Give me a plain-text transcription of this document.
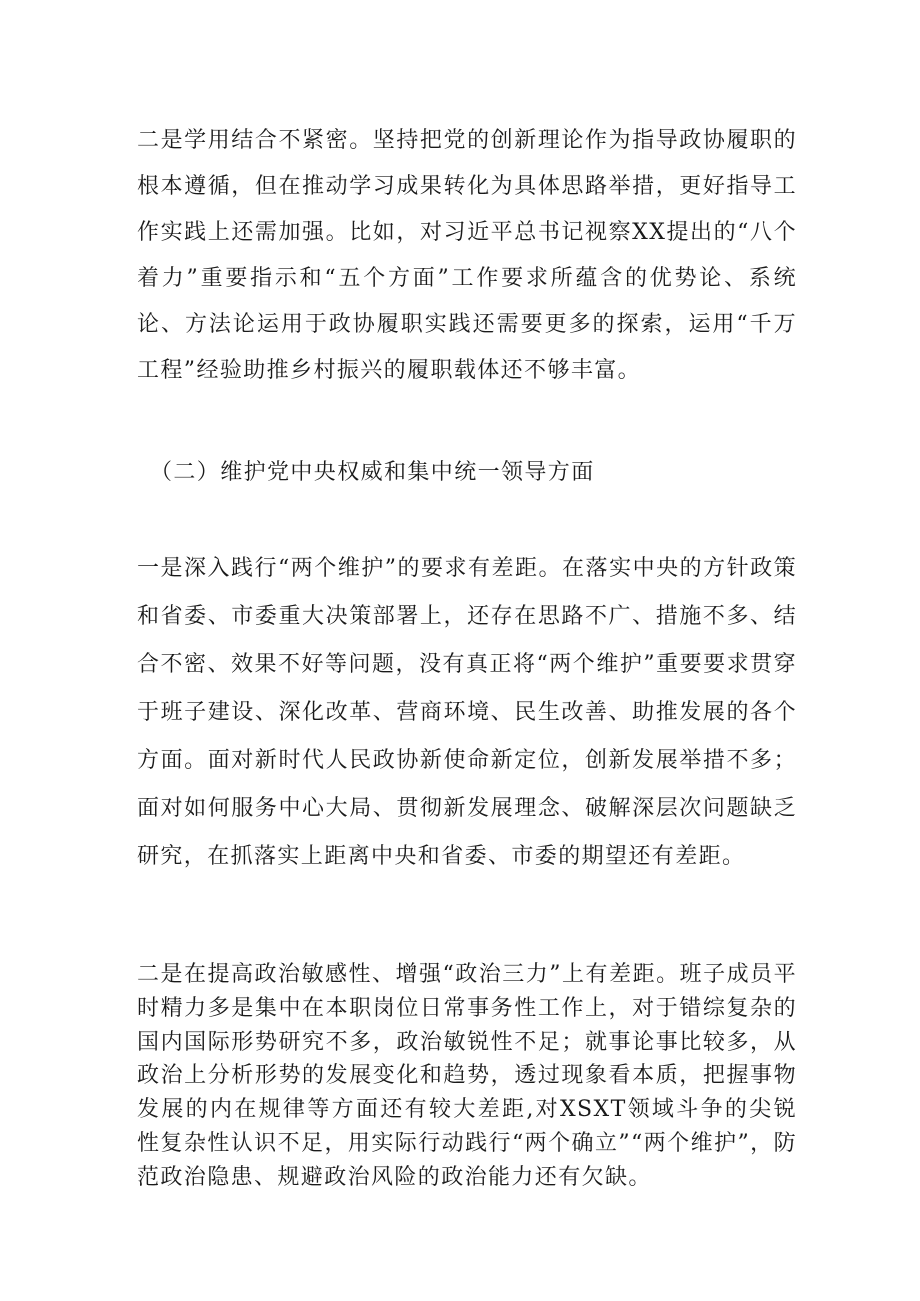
二是学用结合不紧密。坚持把党的创新理论作为指导政协履职的根本遵循，但在推动学习成果转化为具体思路举措，更好指导工作实践上还需加强。比如，对习近平总书记视察XX提出的“八个着力”重要指示和“五个方面”工作要求所蕴含的优势论、系统论、方法论运用于政协履职实践还需要更多的探索，运用“千万工程”经验助推乡村振兴的履职载体还不够丰富。

（二）维护党中央权威和集中统一领导方面

一是深入践行“两个维护”的要求有差距。在落实中央的方针政策和省委、市委重大决策部署上，还存在思路不广、措施不多、结合不密、效果不好等问题，没有真正将“两个维护”重要要求贯穿于班子建设、深化改革、营商环境、民生改善、助推发展的各个方面。面对新时代人民政协新使命新定位，创新发展举措不多；面对如何服务中心大局、贯彻新发展理念、破解深层次问题缺乏研究，在抓落实上距离中央和省委、市委的期望还有差距。

二是在提高政治敏感性、增强“政治三力”上有差距。班子成员平时精力多是集中在本职岗位日常事务性工作上，对于错综复杂的国内国际形势研究不多，政治敏锐性不足；就事论事比较多，从政治上分析形势的发展变化和趋势，透过现象看本质，把握事物发展的内在规律等方面还有较大差距,对XSXT领域斗争的尖锐性复杂性认识不足，用实际行动践行“两个确立”“两个维护”，防范政治隐患、规避政治风险的政治能力还有欠缺。
